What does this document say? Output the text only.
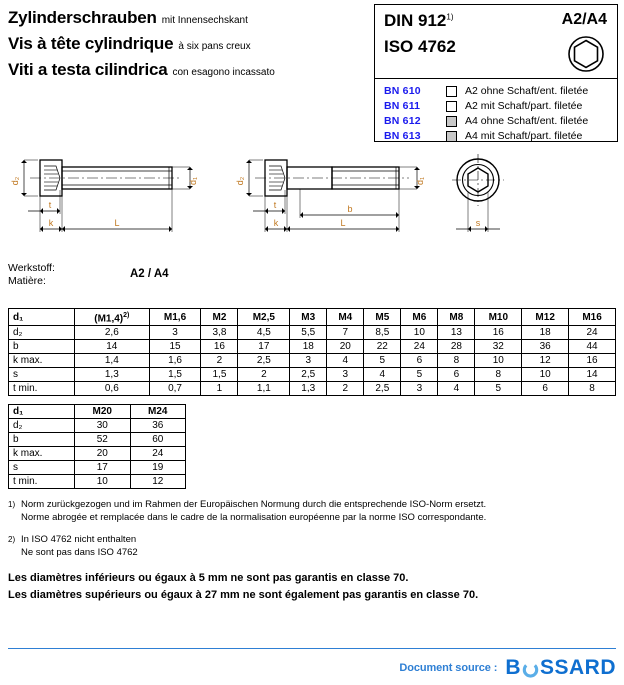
Zylinderschrauben mit Innensechskant
Vis à tête cylindrique à six pans creux
Viti a testa cilindrica con esagono incassato
DIN 912$^{1)}$
ISO 4762
A2/A4
BN 610	A2 ohne Schaft/ent. filetée
BN 611	A2 mit Schaft/part. filetée
BN 612	A4 ohne Schaft/ent. filetée
BN 613	A4 mit Schaft/part. filetée
d₂	d₁
t
k	L
d₂	d₁
t
k
b
L	s
Werkstoff:
Matière:
A2 / A4
d₁	$(M1,4)^{2)}$	M1,6	M2	M2,5	M3	M4	M5	M6	M8	M10	M12	M16
d₂	2,6	3	3,8	4,5	5,5	7	8,5	10	13	16	18	24
b	14	15	16	17	18	20	22	24	28	32	36	44
k max.	1,4	1,6	2	2,5	3	4	5	6	8	10	12	16
s	1,3	1,5	1,5	2	2,5	3	4	5	6	8	10	14
t min.	0,6	0,7	1	1,1	1,3	2	2,5	3	4	5	6	8
d₁	M20	M24
d₂	30	36
b	52	60
k max.	20	24
s	17	19
t min.	10	12
1) Norm zurückgezogen und im Rahmen der Europäischen Normung durch die entsprechende ISO-Norm ersetzt.
Norme abrogée et remplacée dans le cadre de la normalisation européenne par la norme ISO correspondante.
2) In ISO 4762 nicht enthalten
Ne sont pas dans ISO 4762
Les diamètres inférieurs ou égaux à 5 mm ne sont pas garantis en classe 70.
Les diamètres supérieurs ou égaux à 27 mm ne sont également pas garantis en classe 70.
Document source : B SSARD
